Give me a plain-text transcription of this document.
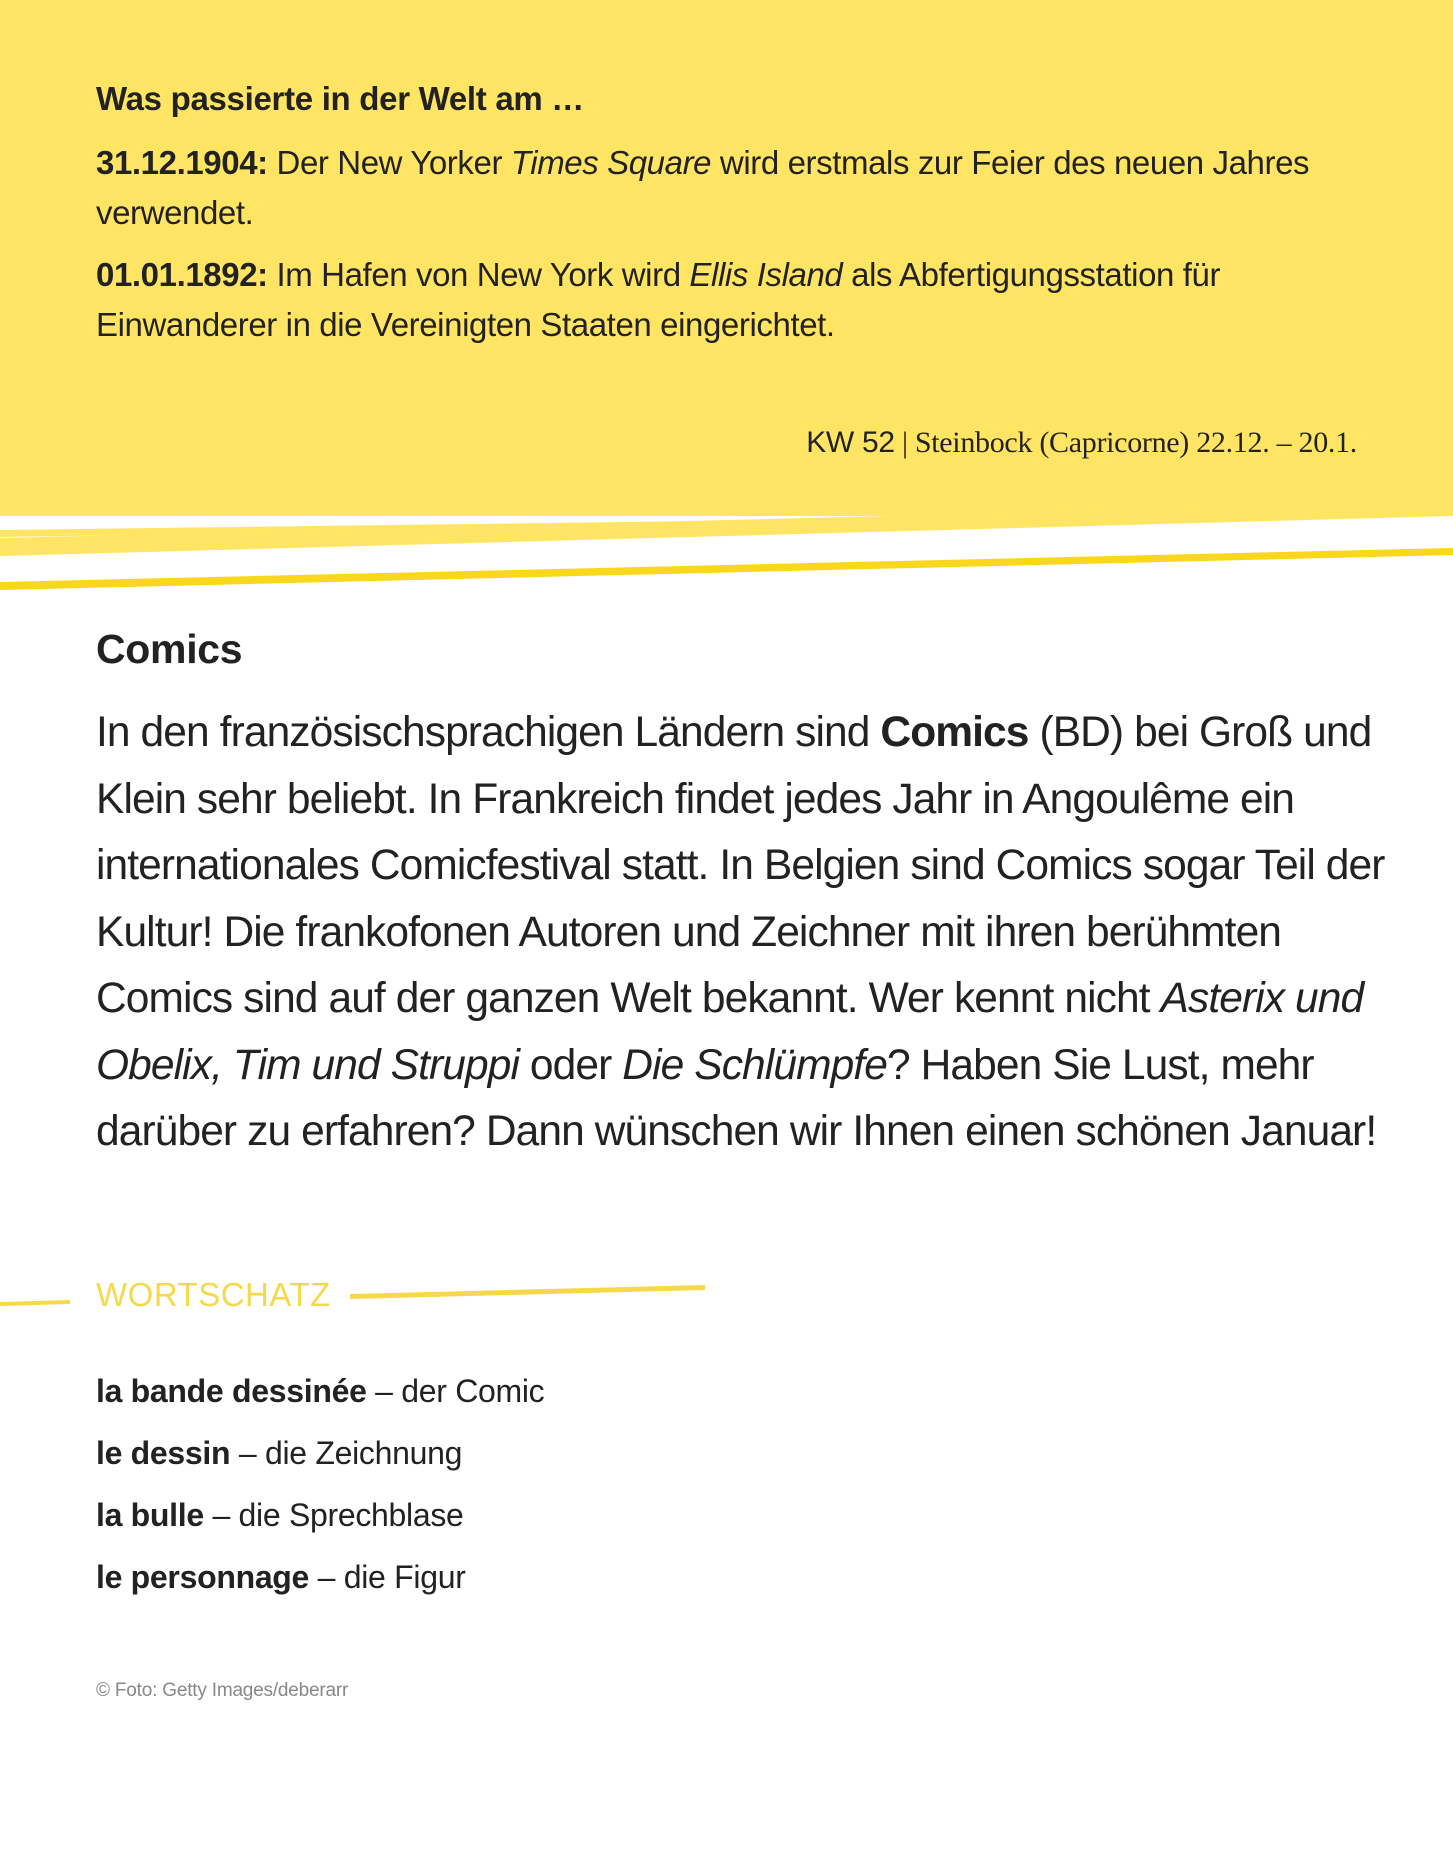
Was passierte in der Welt am …

31.12.1904: Der New Yorker Times Square wird erstmals zur Feier des neuen Jahres verwendet.

01.01.1892: Im Hafen von New York wird Ellis Island als Abfertigungsstation für Einwanderer in die Vereinigten Staaten eingerichtet.

KW 52 | Steinbock (Capricorne) 22.12. – 20.1.

Comics

In den französischsprachigen Ländern sind Comics (BD) bei Groß und Klein sehr beliebt. In Frankreich findet jedes Jahr in Angoulême ein internationales Comicfestival statt. In Belgien sind Comics sogar Teil der Kultur! Die frankofonen Autoren und Zeichner mit ihren berühmten Comics sind auf der ganzen Welt bekannt. Wer kennt nicht Asterix und Obelix, Tim und Struppi oder Die Schlümpfe? Haben Sie Lust, mehr darüber zu erfahren? Dann wünschen wir Ihnen einen schönen Januar!

WORTSCHATZ
la bande dessinée – der Comic
le dessin – die Zeichnung
la bulle – die Sprechblase
le personnage – die Figur

© Foto: Getty Images/deberarr
